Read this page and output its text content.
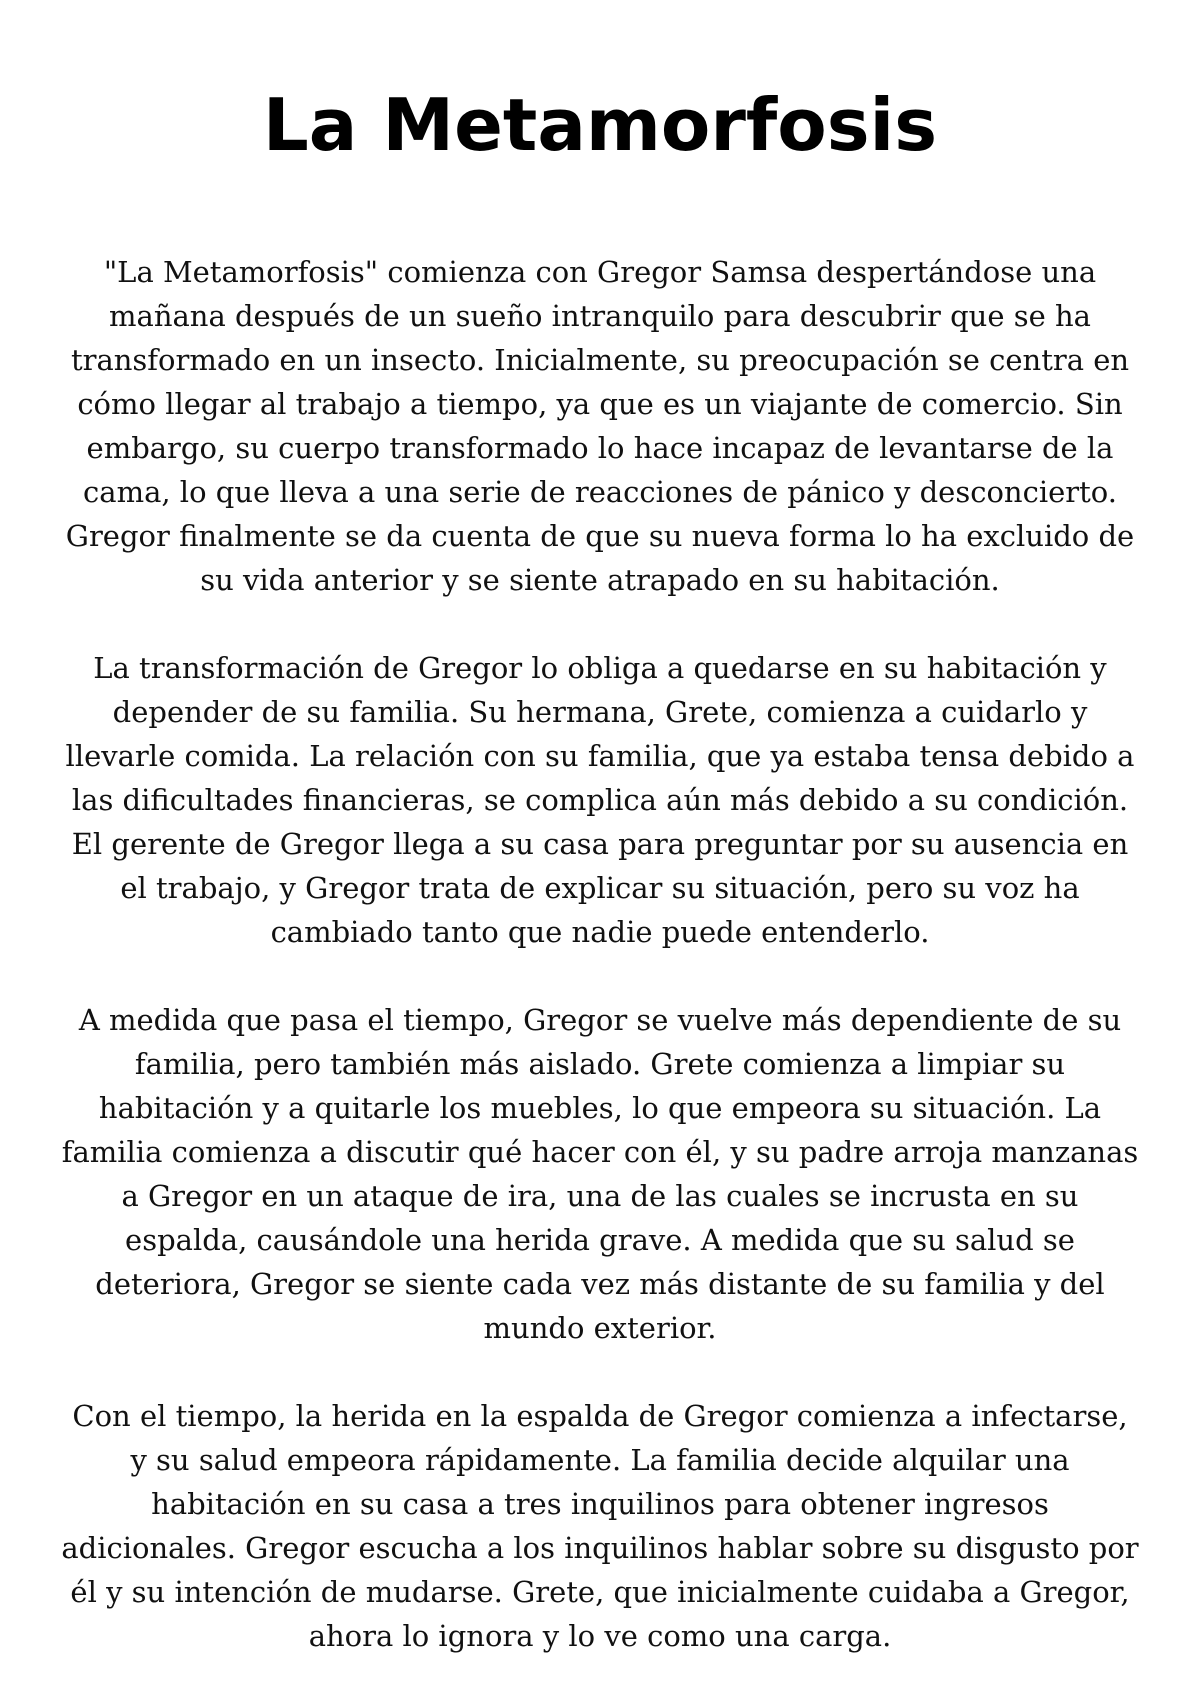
La Metamorfosis

"La Metamorfosis" comienza con Gregor Samsa despertándose una mañana después de un sueño intranquilo para descubrir que se ha transformado en un insecto. Inicialmente, su preocupación se centra en cómo llegar al trabajo a tiempo, ya que es un viajante de comercio. Sin embargo, su cuerpo transformado lo hace incapaz de levantarse de la cama, lo que lleva a una serie de reacciones de pánico y desconcierto. Gregor finalmente se da cuenta de que su nueva forma lo ha excluido de su vida anterior y se siente atrapado en su habitación.

La transformación de Gregor lo obliga a quedarse en su habitación y depender de su familia. Su hermana, Grete, comienza a cuidarlo y llevarle comida. La relación con su familia, que ya estaba tensa debido a las dificultades financieras, se complica aún más debido a su condición. El gerente de Gregor llega a su casa para preguntar por su ausencia en el trabajo, y Gregor trata de explicar su situación, pero su voz ha cambiado tanto que nadie puede entenderlo.

A medida que pasa el tiempo, Gregor se vuelve más dependiente de su familia, pero también más aislado. Grete comienza a limpiar su habitación y a quitarle los muebles, lo que empeora su situación. La familia comienza a discutir qué hacer con él, y su padre arroja manzanas a Gregor en un ataque de ira, una de las cuales se incrusta en su espalda, causándole una herida grave. A medida que su salud se deteriora, Gregor se siente cada vez más distante de su familia y del mundo exterior.

Con el tiempo, la herida en la espalda de Gregor comienza a infectarse, y su salud empeora rápidamente. La familia decide alquilar una habitación en su casa a tres inquilinos para obtener ingresos adicionales. Gregor escucha a los inquilinos hablar sobre su disgusto por él y su intención de mudarse. Grete, que inicialmente cuidaba a Gregor, ahora lo ignora y lo ve como una carga.
